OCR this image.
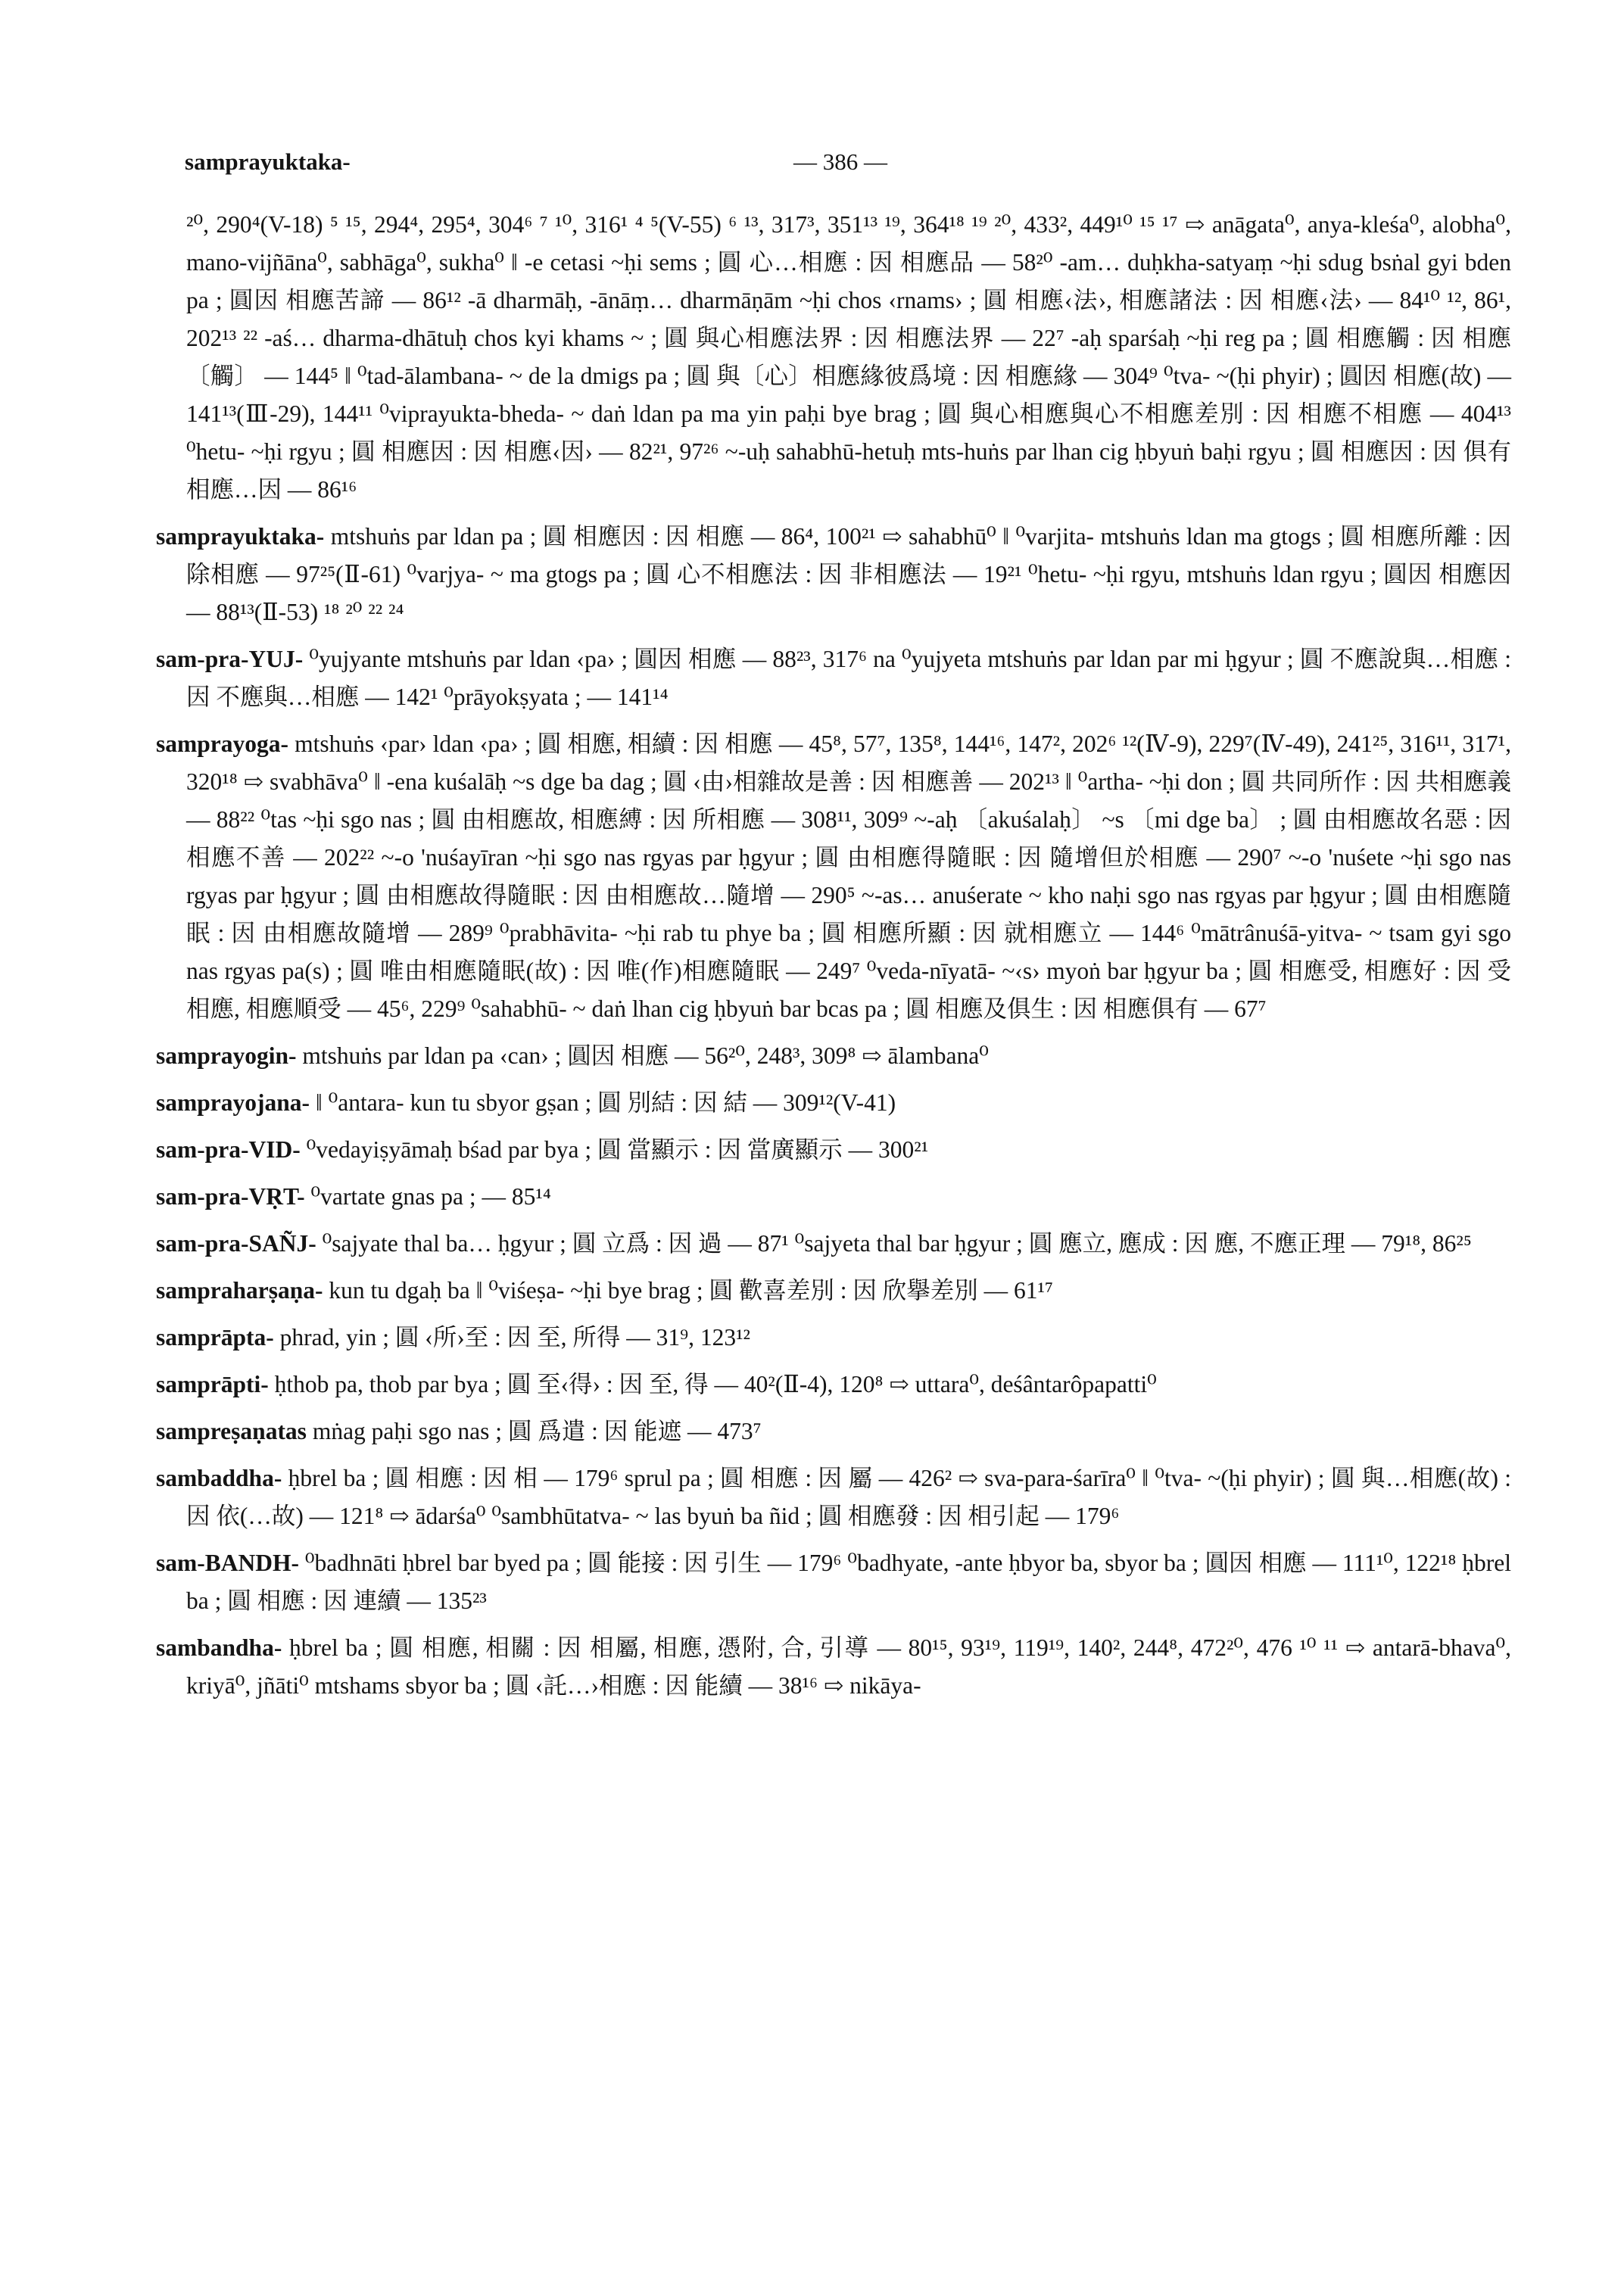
samprayuktaka-	— 386 —
²⁰, 290⁴(V-18) ⁵ ¹⁵, 294⁴, 295⁴, 304⁶ ⁷ ¹⁰, 316¹ ⁴ ⁵(V-55) ⁶ ¹³, 317³, 351¹³ ¹⁹, 364¹⁸ ¹⁹ ²⁰, 433², 449¹⁰ ¹⁵ ¹⁷ ⇨ anāgata⁰, anya-kleśa⁰, alobha⁰, mano-vijñāna⁰, sabhāga⁰, sukha⁰ ‖ -e cetasi ~ḥi sems ; 圓 心…相應 : 因 相應品 — 58²⁰ -am… duḥkha-satyaṃ ~ḥi sdug bsṅal gyi bden pa ; 圓因 相應苦諦 — 86¹² -ā dharmāḥ, -ānāṃ… dharmāṇām ~ḥi chos ‹rnams› ; 圓 相應‹法›, 相應諸法 : 因 相應‹法› — 84¹⁰ ¹², 86¹, 202¹³ ²² -aś… dharma-dhātuḥ chos kyi khams ~ ; 圓 與心相應法界 : 因 相應法界 — 22⁷ -aḥ sparśaḥ ~ḥi reg pa ; 圓 相應觸 : 因 相應〔觸〕 — 144⁵ ‖ ⁰tad-ālambana- ~ de la dmigs pa ; 圓 與〔心〕相應緣彼爲境 : 因 相應緣 — 304⁹ ⁰tva- ~(ḥi phyir) ; 圓因 相應(故) — 141¹³(Ⅲ-29), 144¹¹ ⁰viprayukta-bheda- ~ daṅ ldan pa ma yin paḥi bye brag ; 圓 與心相應與心不相應差別 : 因 相應不相應 — 404¹³ ⁰hetu- ~ḥi rgyu ; 圓 相應因 : 因 相應‹因› — 82²¹, 97²⁶ ~-uḥ sahabhū-hetuḥ mts-huṅs par lhan cig ḥbyuṅ baḥi rgyu ; 圓 相應因 : 因 俱有相應…因 — 86¹⁶
samprayuktaka- mtshuṅs par ldan pa ; 圓 相應因 : 因 相應 — 86⁴, 100²¹ ⇨ sahabhū⁰ ‖ ⁰varjita- mtshuṅs ldan ma gtogs ; 圓 相應所離 : 因 除相應 — 97²⁵(Ⅱ-61) ⁰varjya- ~ ma gtogs pa ; 圓 心不相應法 : 因 非相應法 — 19²¹ ⁰hetu- ~ḥi rgyu, mtshuṅs ldan rgyu ; 圓因 相應因 — 88¹³(Ⅱ-53) ¹⁸ ²⁰ ²² ²⁴
sam-pra-YUJ- ⁰yujyante mtshuṅs par ldan ‹pa› ; 圓因 相應 — 88²³, 317⁶ na ⁰yujyeta mtshuṅs par ldan par mi ḥgyur ; 圓 不應說與…相應 : 因 不應與…相應 — 142¹ ⁰prāyokṣyata ; — 141¹⁴
samprayoga- mtshuṅs ‹par› ldan ‹pa› ; 圓 相應, 相續 : 因 相應 — 45⁸, 57⁷, 135⁸, 144¹⁶, 147², 202⁶ ¹²(Ⅳ-9), 229⁷(Ⅳ-49), 241²⁵, 316¹¹, 317¹, 320¹⁸ ⇨ svabhāva⁰ ‖ -ena kuśalāḥ ~s dge ba dag ; 圓 ‹由›相雜故是善 : 因 相應善 — 202¹³ ‖ ⁰artha- ~ḥi don ; 圓 共同所作 : 因 共相應義 — 88²² ⁰tas ~ḥi sgo nas ; 圓 由相應故, 相應縛 : 因 所相應 — 308¹¹, 309⁹ ~-aḥ 〔akuśalaḥ〕 ~s 〔mi dge ba〕 ; 圓 由相應故名惡 : 因 相應不善 — 202²² ~-o 'nuśayīran ~ḥi sgo nas rgyas par ḥgyur ; 圓 由相應得隨眠 : 因 隨增但於相應 — 290⁷ ~-o 'nuśete ~ḥi sgo nas rgyas par ḥgyur ; 圓 由相應故得隨眠 : 因 由相應故…隨增 — 290⁵ ~-as… anuśerate ~ kho naḥi sgo nas rgyas par ḥgyur ; 圓 由相應隨眠 : 因 由相應故隨增 — 289⁹ ⁰prabhāvita- ~ḥi rab tu phye ba ; 圓 相應所顯 : 因 就相應立 — 144⁶ ⁰mātrânuśā-yitva- ~ tsam gyi sgo nas rgyas pa(s) ; 圓 唯由相應隨眠(故) : 因 唯(作)相應隨眠 — 249⁷ ⁰veda-nīyatā- ~‹s› myoṅ bar ḥgyur ba ; 圓 相應受, 相應好 : 因 受相應, 相應順受 — 45⁶, 229⁹ ⁰sahabhū- ~ daṅ lhan cig ḥbyuṅ bar bcas pa ; 圓 相應及俱生 : 因 相應俱有 — 67⁷
samprayogin- mtshuṅs par ldan pa ‹can› ; 圓因 相應 — 56²⁰, 248³, 309⁸ ⇨ ālambana⁰
samprayojana- ‖ ⁰antara- kun tu sbyor gṣan ; 圓 別結 : 因 結 — 309¹²(V-41)
sam-pra-VID- ⁰vedayiṣyāmaḥ bśad par bya ; 圓 當顯示 : 因 當廣顯示 — 300²¹
sam-pra-VṚT- ⁰vartate gnas pa ; — 85¹⁴
sam-pra-SAÑJ- ⁰sajyate thal ba… ḥgyur ; 圓 立爲 : 因 過 — 87¹ ⁰sajyeta thal bar ḥgyur ; 圓 應立, 應成 : 因 應, 不應正理 — 79¹⁸, 86²⁵
sampraharṣaṇa- kun tu dgaḥ ba ‖ ⁰viśeṣa- ~ḥi bye brag ; 圓 歡喜差別 : 因 欣擧差別 — 61¹⁷
samprāpta- phrad, yin ; 圓 ‹所›至 : 因 至, 所得 — 31⁹, 123¹²
samprāpti- ḥthob pa, thob par bya ; 圓 至‹得› : 因 至, 得 — 40²(Ⅱ-4), 120⁸ ⇨ uttara⁰, deśântarôpapatti⁰
sampreṣaṇatas mṅag paḥi sgo nas ; 圓 爲遣 : 因 能遮 — 473⁷
sambaddha- ḥbrel ba ; 圓 相應 : 因 相 — 179⁶ sprul pa ; 圓 相應 : 因 屬 — 426² ⇨ sva-para-śarīra⁰ ‖ ⁰tva- ~(ḥi phyir) ; 圓 與…相應(故) : 因 依(…故) — 121⁸ ⇨ ādarśa⁰ ⁰sambhūtatva- ~ las byuṅ ba ñid ; 圓 相應發 : 因 相引起 — 179⁶
sam-BANDH- ⁰badhnāti ḥbrel bar byed pa ; 圓 能接 : 因 引生 — 179⁶ ⁰badhyate, -ante ḥbyor ba, sbyor ba ; 圓因 相應 — 111¹⁰, 122¹⁸ ḥbrel ba ; 圓 相應 : 因 連續 — 135²³
sambandha- ḥbrel ba ; 圓 相應, 相關 : 因 相屬, 相應, 憑附, 合, 引導 — 80¹⁵, 93¹⁹, 119¹⁹, 140², 244⁸, 472²⁰, 476 ¹⁰ ¹¹ ⇨ antarā-bhava⁰, kriyā⁰, jñāti⁰ mtshams sbyor ba ; 圓 ‹託…›相應 : 因 能續 — 38¹⁶ ⇨ nikāya-
